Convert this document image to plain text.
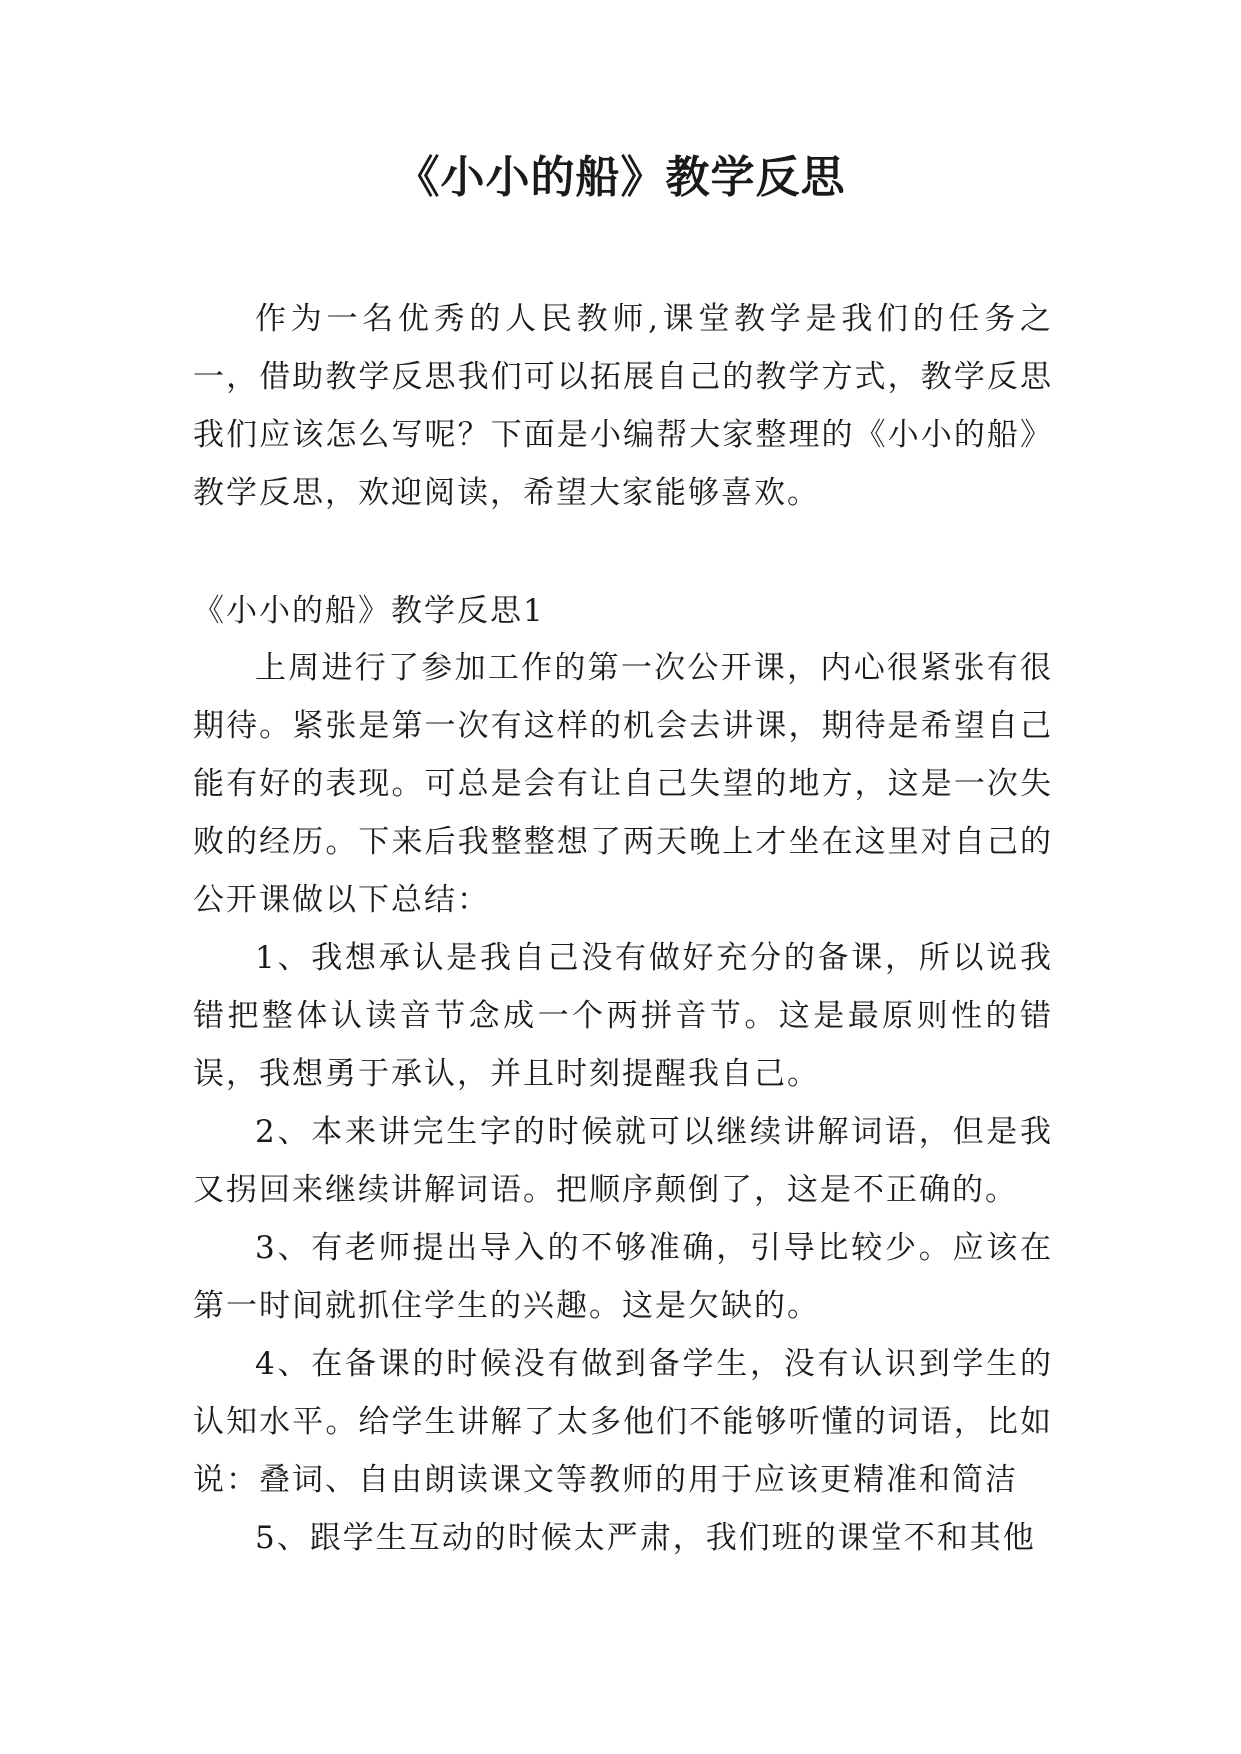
《小小的船》教学反思

作为一名优秀的人民教师,课堂教学是我们的任务之一，借助教学反思我们可以拓展自己的教学方式，教学反思我们应该怎么写呢？下面是小编帮大家整理的《小小的船》教学反思，欢迎阅读，希望大家能够喜欢。

《小小的船》教学反思1

上周进行了参加工作的第一次公开课，内心很紧张有很期待。紧张是第一次有这样的机会去讲课，期待是希望自己能有好的表现。可总是会有让自己失望的地方，这是一次失败的经历。下来后我整整想了两天晚上才坐在这里对自己的公开课做以下总结：

1、我想承认是我自己没有做好充分的备课，所以说我错把整体认读音节念成一个两拼音节。这是最原则性的错误，我想勇于承认，并且时刻提醒我自己。

2、本来讲完生字的时候就可以继续讲解词语，但是我又拐回来继续讲解词语。把顺序颠倒了，这是不正确的。

3、有老师提出导入的不够准确，引导比较少。应该在第一时间就抓住学生的兴趣。这是欠缺的。

4、在备课的时候没有做到备学生，没有认识到学生的认知水平。给学生讲解了太多他们不能够听懂的词语，比如说：叠词、自由朗读课文等教师的用于应该更精准和简洁

5、跟学生互动的时候太严肃，我们班的课堂不和其他
